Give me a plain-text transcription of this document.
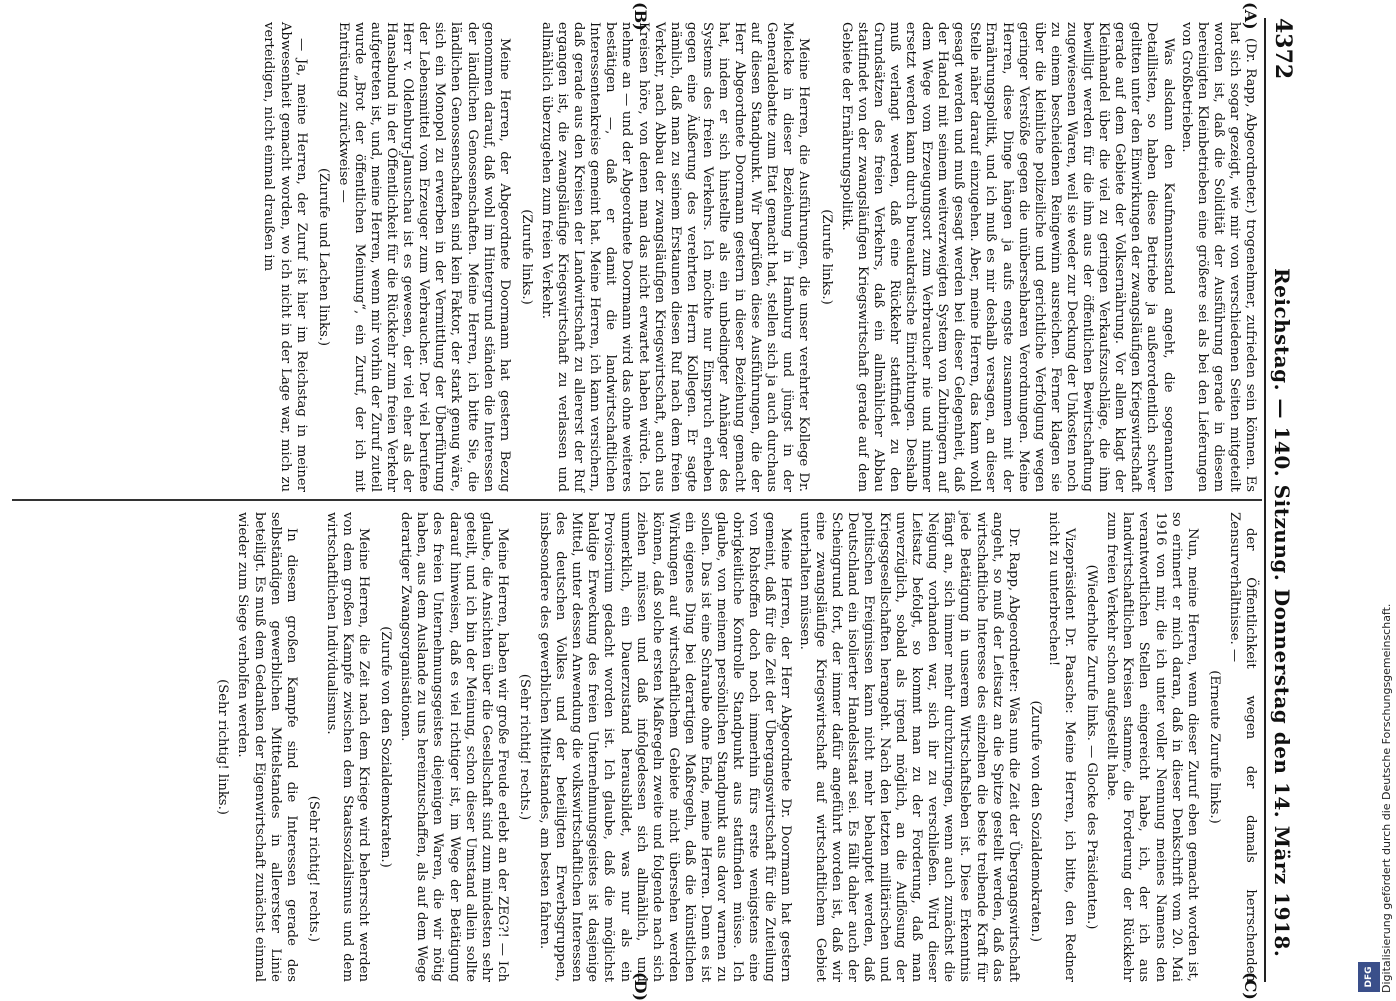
4372
Reichstag. — 140. Sitzung. Donnerstag den 14. März 1918.
(A)
(B)
(C)
(D)

(Dr. Rapp, Abgeordneter.) trogenehmer, zufrieden sein können. Es hat sich sogar gezeigt, wie mir von verschiedenen Seiten mitgeteilt worden ist, daß die Solidität der Ausführung gerade in diesem bereinigten Kleinbetrieben eine größere sei als bei den Lieferungen von Großbetrieben.

Was alsdann den Kaufmannsstand angeht, die sogenannten Detaillisten, so haben diese Betriebe ja außerordentlich schwer gelitten unter den Einwirkungen der zwangsläufigen Kriegswirtschaft gerade auf dem Gebiete der Volksernährung. Vor allem klagt der Kleinhandel über die viel zu geringen Verkaufszuschläge, die ihm bewilligt werden für die ihm aus der öffentlichen Bewirtschaftung zugewiesenen Waren, weil sie weder zur Deckung der Unkosten noch zu einem bescheidenen Reingewinn ausreichen. Ferner klagen sie über die kleinliche polizeiliche und gerichtliche Verfolgung wegen geringer Verstöße gegen die unübersehbaren Verordnungen. Meine Herren, diese Dinge hängen ja aufs engste zusammen mit der Ernährungspolitik, und ich muß es mir deshalb versagen, an dieser Stelle näher darauf einzugehen. Aber, meine Herren, das kann wohl gesagt werden und muß gesagt werden bei dieser Gelegenheit, daß der Handel mit seinem weitverzweigten System von Zubringern auf dem Wege vom Erzeugungsort zum Verbraucher nie und nimmer ersetzt werden kann durch bureaukratische Einrichtungen. Deshalb muß verlangt werden, daß eine Rückkehr stattfindet zu den Grundsätzen des freien Verkehrs, daß ein allmählicher Abbau stattfindet von der zwangsläufigen Kriegswirtschaft gerade auf dem Gebiete der Ernährungspolitik.

(Zurufe links.)

Meine Herren, die Ausführungen, die unser verehrter Kollege Dr. Mielcke in dieser Beziehung in Hamburg und jüngst in der Generaldebatte zum Etat gemacht hat, stellen sich ja auch durchaus auf diesen Standpunkt. Wir begrüßen diese Ausführungen, die der Herr Abgeordnete Doormann gestern in dieser Beziehung gemacht hat, indem er sich hinstellte als ein unbedingter Anhänger des Systems des freien Verkehrs. Ich möchte nur Einspruch erheben gegen eine Äußerung des verehrten Herrn Kollegen. Er sagte nämlich, daß man zu seinem Erstaunen diesen Ruf nach dem freien Verkehr, nach Abbau der zwangsläufigen Kriegswirtschaft, auch aus Kreisen höre, von denen man das nicht erwartet haben würde. Ich nehme an — und der Abgeordnete Doormann wird das ohne weiteres bestätigen —, daß er damit die landwirtschaftlichen Interessentenkreise gemeint hat. Meine Herren, ich kann versichern, daß gerade aus den Kreisen der Landwirtschaft zu allererst der Ruf ergangen ist, die zwangsläufige Kriegswirtschaft zu verlassen und allmählich überzugehen zum freien Verkehr.

(Zurufe links.)

Meine Herren, der Abgeordnete Doormann hat gestern Bezug genommen darauf, daß wohl im Hintergrund ständen die Interessen der ländlichen Genossenschaften. Meine Herren, ich bitte Sie, die ländlichen Genossenschaften sind kein Faktor, der stark genug wäre, sich ein Monopol zu erwerben in der Vermittlung der Überführung der Lebensmittel vom Erzeuger zum Verbraucher. Der viel berufene Herr v. Oldenburg-Januschau ist es gewesen, der viel eher als der Hansabund in der Öffentlichkeit für die Rückkehr zum freien Verkehr aufgetreten ist, und, meine Herren, wenn mir vorhin der Zuruf zuteil wurde „Brot der öffentlichen Meinung“, ein Zuruf, der ich mit Entrüstung zurückweise —

(Zurufe und Lachen links.)

— Ja, meine Herren, der Zuruf ist hier im Reichstag in meiner Abwesenheit gemacht worden, wo ich nicht in der Lage war, mich zu verteidigen, nicht einmal draußen im

der Öffentlichkeit wegen der damals herrschenden Zensurverhältnisse. —

(Erneute Zurufe links.)

Nun, meine Herren, wenn dieser Zuruf eben gemacht worden ist, so erinnert er mich daran, daß in dieser Denkschrift vom 20. Mai 1916 von mir, die ich unter voller Nennung meines Namens den verantwortlichen Stellen eingereicht habe, ich, der ich aus landwirtschaftlichen Kreisen stamme, die Forderung der Rückkehr zum freien Verkehr schon aufgestellt habe.

(Wiederholte Zurufe links. — Glocke des Präsidenten.)

Vizepräsident Dr. Paasche: Meine Herren, ich bitte, den Redner nicht zu unterbrechen!

(Zurufe von den Sozialdemokraten.)

Dr. Rapp, Abgeordneter: Was nun die Zeit der Übergangswirtschaft angeht, so muß der Leitsatz an die Spitze gestellt werden, daß das wirtschaftliche Interesse des einzelnen die beste treibende Kraft für jede Betätigung in unserem Wirtschaftsleben ist. Diese Erkenntnis fängt an, sich immer mehr durchzuringen, wenn auch zunächst die Neigung vorhanden war, sich ihr zu verschließen. Wird dieser Leitsatz befolgt, so kommt man zu der Forderung, daß man unverzüglich, sobald als irgend möglich, an die Auflösung der Kriegsgesellschaften herangeht. Nach den letzten militärischen und politischen Ereignissen kann nicht mehr behauptet werden, daß Deutschland ein isolierter Handelsstaat sei. Es fällt daher auch der Scheingrund fort, der immer dafür angeführt worden ist, daß wir eine zwangsläufige Kriegswirtschaft auf wirtschaftlichem Gebiet unterhalten müssen.

Meine Herren, der Herr Abgeordnete Dr. Doormann hat gestern gemeint, daß für die Zeit der Übergangswirtschaft für die Zuteilung von Rohstoffen doch noch immerhin fürs erste wenigstens eine obrigkeitliche Kontrolle Standpunkt aus stattfinden müsse. Ich glaube, von meinem persönlichen Standpunkt aus davor warnen zu sollen. Das ist eine Schraube ohne Ende, meine Herren. Denn es ist ein eigenes Ding bei derartigen Maßregeln, daß die künstlichen Wirkungen auf wirtschaftlichem Gebiete nicht übersehen werden können, daß solche ersten Maßregeln zweite und folgende nach sich ziehen müssen und daß infolgedessen sich allmählich, und unmerklich, ein Dauerzustand herausbildet, was nur als ein Provisorium gedacht worden ist. Ich glaube, daß die möglichst baldige Erweckung des freien Unternehmungsgeistes ist dasjenige Mittel, unter dessen Anwendung die volkswirtschaftlichen Interessen des deutschen Volkes und der beteiligten Erwerbsgruppen, insbesondere des gewerblichen Mittelstandes, am besten fahren.

(Sehr richtig! rechts.)

Meine Herren, haben wir große Freude erlebt an der ZEG?! — Ich glaube, die Ansichten über die Gesellschaft sind zum mindesten sehr geteilt, und ich bin der Meinung, schon dieser Umstand allein sollte darauf hinweisen, daß es viel richtiger ist, im Wege der Betätigung des freien Unternehmungsgeistes diejenigen Waren, die wir nötig haben, aus dem Auslande zu uns hereinzuschaffen, als auf dem Wege derartiger Zwangsorganisationen.

(Zurufe von den Sozialdemokraten.)

Meine Herren, die Zeit nach dem Kriege wird beherrscht werden von dem großen Kampfe zwischen dem Staatssozialismus und dem wirtschaftlichen Individualismus.

(Sehr richtig! rechts.)

In diesem großen Kampfe sind die Interessen gerade des selbständigen gewerblichen Mittelstandes in allererster Linie beteiligt. Es muß dem Gedanken der Eigenwirtschaft zunächst einmal wieder zum Siege verholfen werden.

(Sehr richtig! links.)	Digitalisierung gefördert durch die Deutsche Forschungsgemeinschaft.
DFG
